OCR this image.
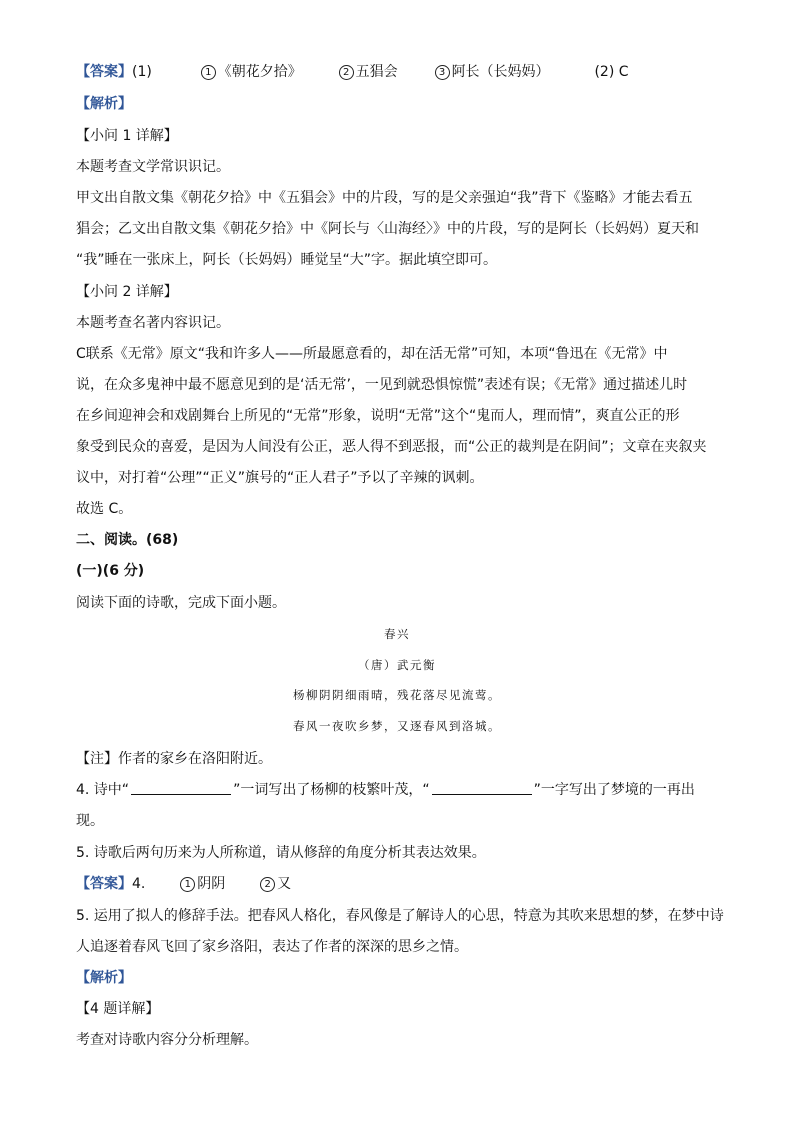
【答案】(1)	1 《朝花夕拾》	2 五猖会	3 阿长（长妈妈）	(2) C
【解析】
【小问 1 详解】
本题考查文学常识识记。
甲文出自散文集《朝花夕拾》中《五猖会》中的片段，写的是父亲强迫“我”背下《鉴略》才能去看五
猖会；乙文出自散文集《朝花夕拾》中《阿长与〈山海经〉》中的片段，写的是阿长（长妈妈）夏天和
“我”睡在一张床上，阿长（长妈妈）睡觉呈“大”字。据此填空即可。
【小问 2 详解】
本题考查名著内容识记。
C联系《无常》原文“我和许多人——所最愿意看的，却在活无常”可知，本项“鲁迅在《无常》中
说，在众多鬼神中最不愿意见到的是‘活无常’，一见到就恐惧惊慌”表述有误；《无常》通过描述儿时
在乡间迎神会和戏剧舞台上所见的“无常”形象，说明“无常”这个“鬼而人，理而情”，爽直公正的形
象受到民众的喜爱，是因为人间没有公正，恶人得不到恶报，而“公正的裁判是在阴间”；文章在夹叙夹
议中，对打着“公理”“正义”旗号的“正人君子”予以了辛辣的讽刺。
故选 C。
二、阅读。(68)
(一)(6 分)
阅读下面的诗歌，完成下面小题。
春兴
（唐）武元衡
杨柳阴阴细雨晴，残花落尽见流莺。
春风一夜吹乡梦，又逐春风到洛城。
【注】作者的家乡在洛阳附近。
4. 诗中“	”一词写出了杨柳的枝繁叶茂，“	”一字写出了梦境的一再出
现。
5. 诗歌后两句历来为人所称道，请从修辞的角度分析其表达效果。
【答案】4.	1 阴阴	2 又
5. 运用了拟人的修辞手法。把春风人格化，春风像是了解诗人的心思，特意为其吹来思想的梦，在梦中诗
人追逐着春风飞回了家乡洛阳，表达了作者的深深的思乡之情。
【解析】
【4 题详解】
考查对诗歌内容分分析理解。
